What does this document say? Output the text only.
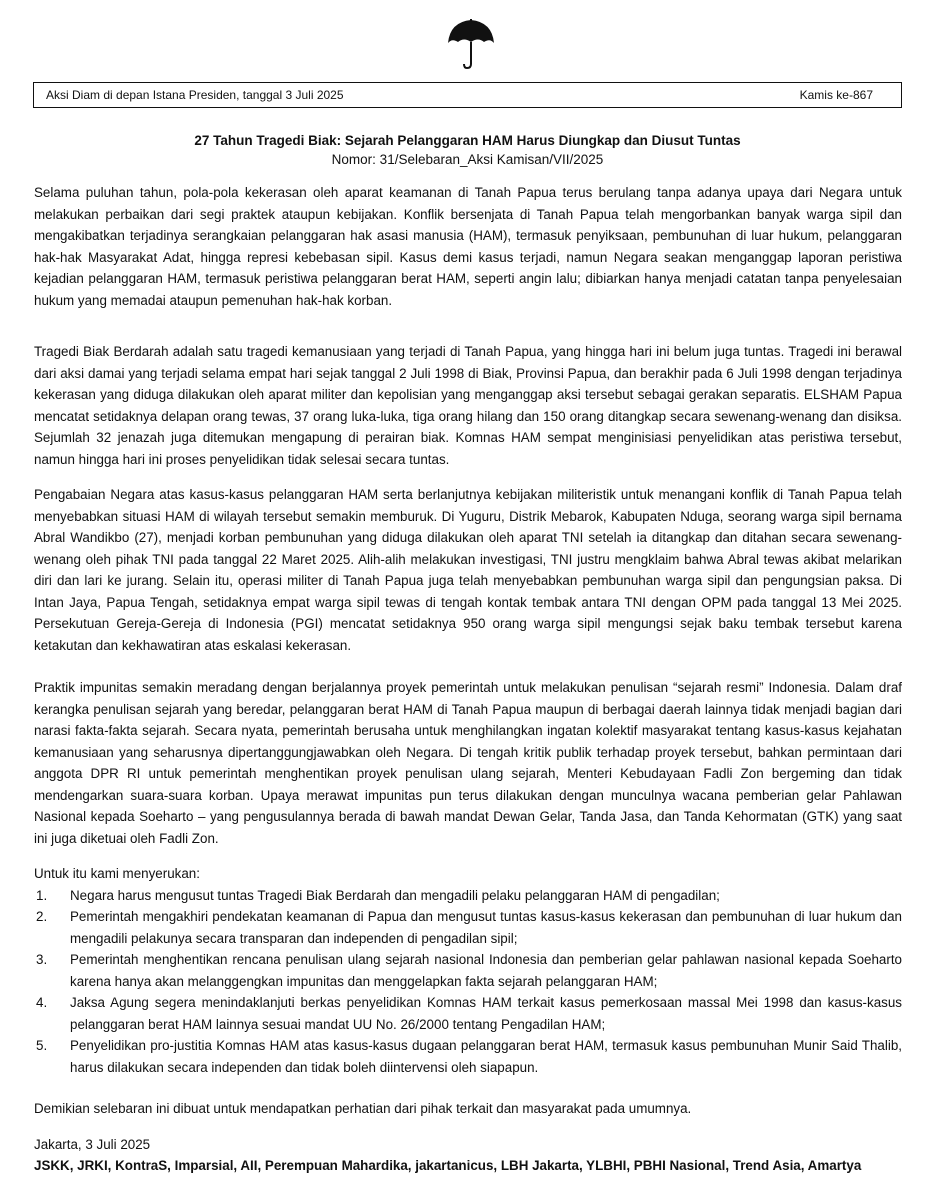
Aksi Diam di depan Istana Presiden, tanggal 3 Juli 2025	Kamis ke-867
27 Tahun Tragedi Biak: Sejarah Pelanggaran HAM Harus Diungkap dan Diusut Tuntas
Nomor: 31/Selebaran_Aksi Kamisan/VII/2025

Selama puluhan tahun, pola-pola kekerasan oleh aparat keamanan di Tanah Papua terus berulang tanpa adanya upaya dari Negara untuk melakukan perbaikan dari segi praktek ataupun kebijakan. Konflik bersenjata di Tanah Papua telah mengorbankan banyak warga sipil dan mengakibatkan terjadinya serangkaian pelanggaran hak asasi manusia (HAM), termasuk penyiksaan, pembunuhan di luar hukum, pelanggaran hak-hak Masyarakat Adat, hingga represi kebebasan sipil. Kasus demi kasus terjadi, namun Negara seakan menganggap laporan peristiwa kejadian pelanggaran HAM, termasuk peristiwa pelanggaran berat HAM, seperti angin lalu; dibiarkan hanya menjadi catatan tanpa penyelesaian hukum yang memadai ataupun pemenuhan hak-hak korban.

Tragedi Biak Berdarah adalah satu tragedi kemanusiaan yang terjadi di Tanah Papua, yang hingga hari ini belum juga tuntas. Tragedi ini berawal dari aksi damai yang terjadi selama empat hari sejak tanggal 2 Juli 1998 di Biak, Provinsi Papua, dan berakhir pada 6 Juli 1998 dengan terjadinya kekerasan yang diduga dilakukan oleh aparat militer dan kepolisian yang menganggap aksi tersebut sebagai gerakan separatis. ELSHAM Papua mencatat setidaknya delapan orang tewas, 37 orang luka-luka, tiga orang hilang dan 150 orang ditangkap secara sewenang-wenang dan disiksa. Sejumlah 32 jenazah juga ditemukan mengapung di perairan biak. Komnas HAM sempat menginisiasi penyelidikan atas peristiwa tersebut, namun hingga hari ini proses penyelidikan tidak selesai secara tuntas.

Pengabaian Negara atas kasus-kasus pelanggaran HAM serta berlanjutnya kebijakan militeristik untuk menangani konflik di Tanah Papua telah menyebabkan situasi HAM di wilayah tersebut semakin memburuk. Di Yuguru, Distrik Mebarok, Kabupaten Nduga, seorang warga sipil bernama Abral Wandikbo (27), menjadi korban pembunuhan yang diduga dilakukan oleh aparat TNI setelah ia ditangkap dan ditahan secara sewenang-wenang oleh pihak TNI pada tanggal 22 Maret 2025. Alih-alih melakukan investigasi, TNI justru mengklaim bahwa Abral tewas akibat melarikan diri dan lari ke jurang. Selain itu, operasi militer di Tanah Papua juga telah menyebabkan pembunuhan warga sipil dan pengungsian paksa. Di Intan Jaya, Papua Tengah, setidaknya empat warga sipil tewas di tengah kontak tembak antara TNI dengan OPM pada tanggal 13 Mei 2025. Persekutuan Gereja-Gereja di Indonesia (PGI) mencatat setidaknya 950 orang warga sipil mengungsi sejak baku tembak tersebut karena ketakutan dan kekhawatiran atas eskalasi kekerasan.

Praktik impunitas semakin meradang dengan berjalannya proyek pemerintah untuk melakukan penulisan “sejarah resmi” Indonesia. Dalam draf kerangka penulisan sejarah yang beredar, pelanggaran berat HAM di Tanah Papua maupun di berbagai daerah lainnya tidak menjadi bagian dari narasi fakta-fakta sejarah. Secara nyata, pemerintah berusaha untuk menghilangkan ingatan kolektif masyarakat tentang kasus-kasus kejahatan kemanusiaan yang seharusnya dipertanggungjawabkan oleh Negara. Di tengah kritik publik terhadap proyek tersebut, bahkan permintaan dari anggota DPR RI untuk pemerintah menghentikan proyek penulisan ulang sejarah, Menteri Kebudayaan Fadli Zon bergeming dan tidak mendengarkan suara-suara korban. Upaya merawat impunitas pun terus dilakukan dengan munculnya wacana pemberian gelar Pahlawan Nasional kepada Soeharto – yang pengusulannya berada di bawah mandat Dewan Gelar, Tanda Jasa, dan Tanda Kehormatan (GTK) yang saat ini juga diketuai oleh Fadli Zon.

Untuk itu kami menyerukan:

1. Negara harus mengusut tuntas Tragedi Biak Berdarah dan mengadili pelaku pelanggaran HAM di pengadilan;
2. Pemerintah mengakhiri pendekatan keamanan di Papua dan mengusut tuntas kasus-kasus kekerasan dan pembunuhan di luar hukum dan mengadili pelakunya secara transparan dan independen di pengadilan sipil;
3. Pemerintah menghentikan rencana penulisan ulang sejarah nasional Indonesia dan pemberian gelar pahlawan nasional kepada Soeharto karena hanya akan melanggengkan impunitas dan menggelapkan fakta sejarah pelanggaran HAM;
4. Jaksa Agung segera menindaklanjuti berkas penyelidikan Komnas HAM terkait kasus pemerkosaan massal Mei 1998 dan kasus-kasus pelanggaran berat HAM lainnya sesuai mandat UU No. 26/2000 tentang Pengadilan HAM;
5. Penyelidikan pro-justitia Komnas HAM atas kasus-kasus dugaan pelanggaran berat HAM, termasuk kasus pembunuhan Munir Said Thalib, harus dilakukan secara independen dan tidak boleh diintervensi oleh siapapun.
Demikian selebaran ini dibuat untuk mendapatkan perhatian dari pihak terkait dan masyarakat pada umumnya.
Jakarta, 3 Juli 2025
JSKK, JRKI, KontraS, Imparsial, AII, Perempuan Mahardika, jakartanicus, LBH Jakarta, YLBHI, PBHI Nasional, Trend Asia, Amartya
